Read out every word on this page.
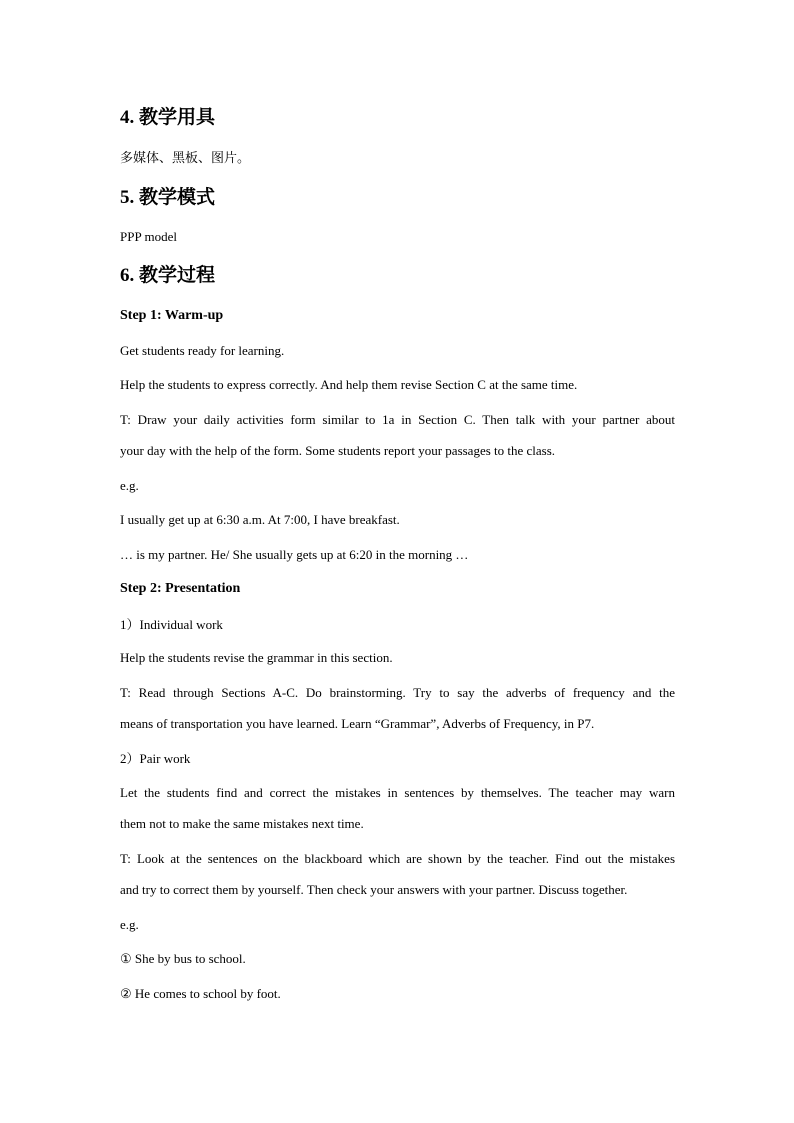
4. 教学用具
多媒体、黑板、图片。
5. 教学模式
PPP model
6. 教学过程
Step 1: Warm-up
Get students ready for learning.
Help the students to express correctly. And help them revise Section C at the same time.
T: Draw your daily activities form similar to 1a in Section C. Then talk with your partner about
your day with the help of the form. Some students report your passages to the class.
e.g.
I usually get up at 6:30 a.m. At 7:00, I have breakfast.
… is my partner. He/ She usually gets up at 6:20 in the morning …
Step 2: Presentation
1）Individual work
Help the students revise the grammar in this section.
T: Read through Sections A-C. Do brainstorming. Try to say the adverbs of frequency and the
means of transportation you have learned. Learn “Grammar”, Adverbs of Frequency, in P7.
2）Pair work
Let the students find and correct the mistakes in sentences by themselves. The teacher may warn
them not to make the same mistakes next time.
T: Look at the sentences on the blackboard which are shown by the teacher. Find out the mistakes
and try to correct them by yourself. Then check your answers with your partner. Discuss together.
e.g.
① She by bus to school.
② He comes to school by foot.
